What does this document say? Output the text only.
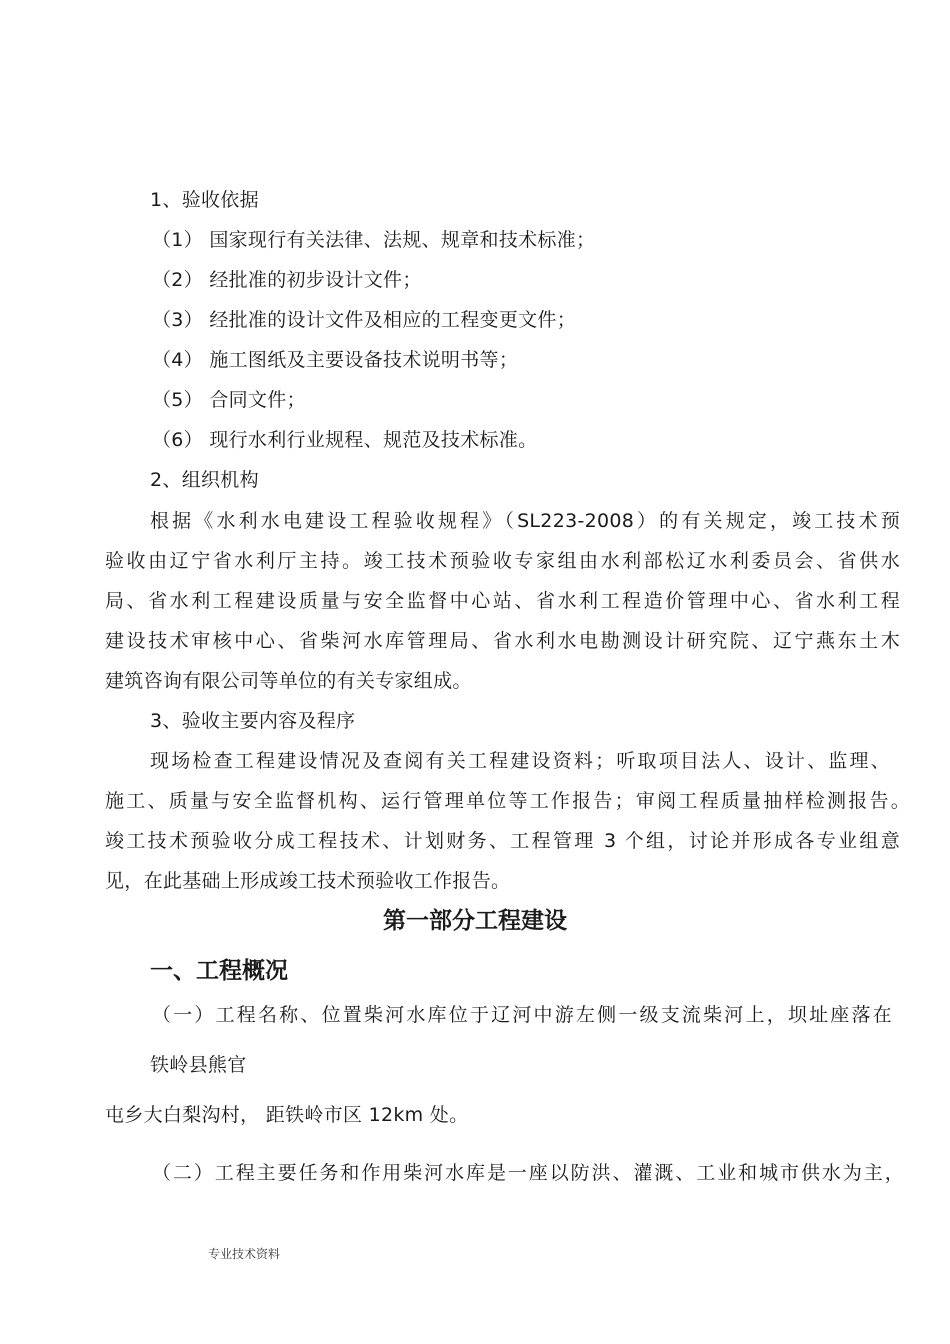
1、验收依据
（1） 国家现行有关法律、法规、规章和技术标准；
（2） 经批准的初步设计文件；
（3） 经批准的设计文件及相应的工程变更文件；
（4） 施工图纸及主要设备技术说明书等；
（5） 合同文件；
（6） 现行水利行业规程、规范及技术标准。
2、组织机构
根据《水利水电建设工程验收规程》（SL223-2008）的有关规定，竣工技术预
验收由辽宁省水利厅主持。竣工技术预验收专家组由水利部松辽水利委员会、省供水
局、省水利工程建设质量与安全监督中心站、省水利工程造价管理中心、省水利工程
建设技术审核中心、省柴河水库管理局、省水利水电勘测设计研究院、辽宁燕东土木
建筑咨询有限公司等单位的有关专家组成。
3、验收主要内容及程序
现场检查工程建设情况及查阅有关工程建设资料；听取项目法人、设计、监理、
施工、质量与安全监督机构、运行管理单位等工作报告；审阅工程质量抽样检测报告。
竣工技术预验收分成工程技术、计划财务、工程管理 3 个组，讨论并形成各专业组意
见，在此基础上形成竣工技术预验收工作报告。
第一部分工程建设
一、工程概况
（一）工程名称、位置柴河水库位于辽河中游左侧一级支流柴河上，坝址座落在
铁岭县熊官
屯乡大白梨沟村， 距铁岭市区 12km 处。
（二）工程主要任务和作用柴河水库是一座以防洪、灌溉、工业和城市供水为主，
专业技术资料
